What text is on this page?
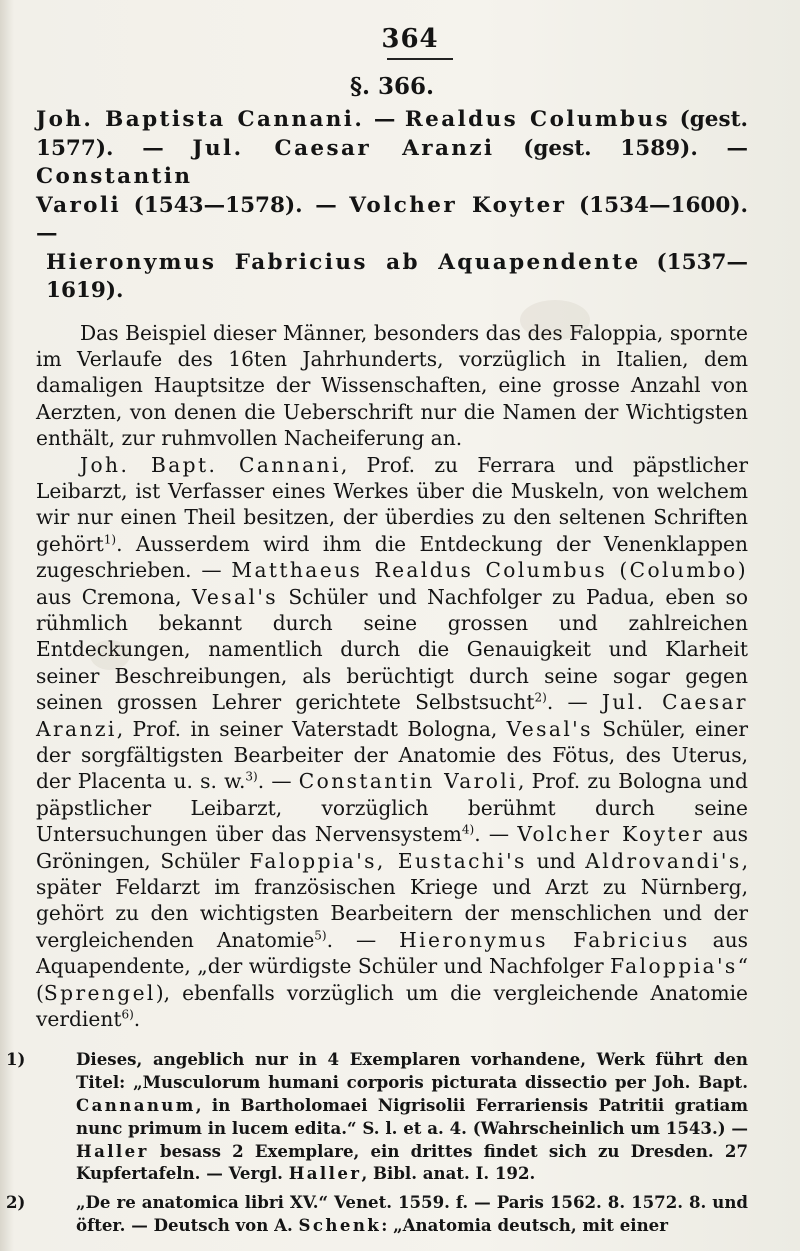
364
§. 366.
Joh. Baptista Cannani. — Realdus Columbus (gest.
1577). — Jul. Caesar Aranzi (gest. 1589). — Constantin
Varoli (1543—1578). — Volcher Koyter (1534—1600). —
Hieronymus Fabricius ab Aquapendente (1537—1619).

Das Beispiel dieser Männer, besonders das des Faloppia, spornte im Verlaufe des 16ten Jahrhunderts, vorzüglich in Italien, dem damaligen Hauptsitze der Wissenschaften, eine grosse Anzahl von Aerzten, von denen die Ueberschrift nur die Namen der Wichtigsten enthält, zur ruhmvollen Nacheiferung an.

Joh. Bapt. Cannani, Prof. zu Ferrara und päpstlicher Leibarzt, ist Verfasser eines Werkes über die Muskeln, von welchem wir nur einen Theil besitzen, der überdies zu den seltenen Schriften gehört$^{1)}$. Ausserdem wird ihm die Entdeckung der Venenklappen zugeschrieben. — Matthaeus Realdus Columbus (Columbo) aus Cremona, Vesal's Schüler und Nachfolger zu Padua, eben so rühmlich bekannt durch seine grossen und zahlreichen Entdeckungen, namentlich durch die Genauigkeit und Klarheit seiner Beschreibungen, als berüchtigt durch seine sogar gegen seinen grossen Lehrer gerichtete Selbstsucht$^{2)}$. — Jul. Caesar Aranzi, Prof. in seiner Vaterstadt Bologna, Vesal's Schüler, einer der sorgfältigsten Bearbeiter der Anatomie des Fötus, des Uterus, der Placenta u. s. w.$^{3)}$. — Constantin Varoli, Prof. zu Bologna und päpstlicher Leibarzt, vorzüglich berühmt durch seine Untersuchungen über das Nervensystem$^{4)}$. — Volcher Koyter aus Gröningen, Schüler Faloppia's, Eustachi's und Aldrovandi's, später Feldarzt im französischen Kriege und Arzt zu Nürnberg, gehört zu den wichtigsten Bearbeitern der menschlichen und der vergleichenden Anatomie$^{5)}$. — Hieronymus Fabricius aus Aquapendente, „der würdigste Schüler und Nachfolger Faloppia's“ (Sprengel), ebenfalls vorzüglich um die vergleichende Anatomie verdient$^{6)}$.

1)	Dieses, angeblich nur in 4 Exemplaren vorhandene, Werk führt den Titel: „Musculorum humani corporis picturata dissectio per Joh. Bapt. Cannanum, in Bartholomaei Nigrisolii Ferrariensis Patritii gratiam nunc primum in lucem edita.“ S. l. et a. 4. (Wahrscheinlich um 1543.) — Haller besass 2 Exemplare, ein drittes findet sich zu Dresden. 27 Kupfertafeln. — Vergl. Haller, Bibl. anat. I. 192.

2)	„De re anatomica libri XV.“ Venet. 1559. f. — Paris 1562. 8. 1572. 8. und öfter. — Deutsch von A. Schenk: „Anatomia deutsch, mit einer
